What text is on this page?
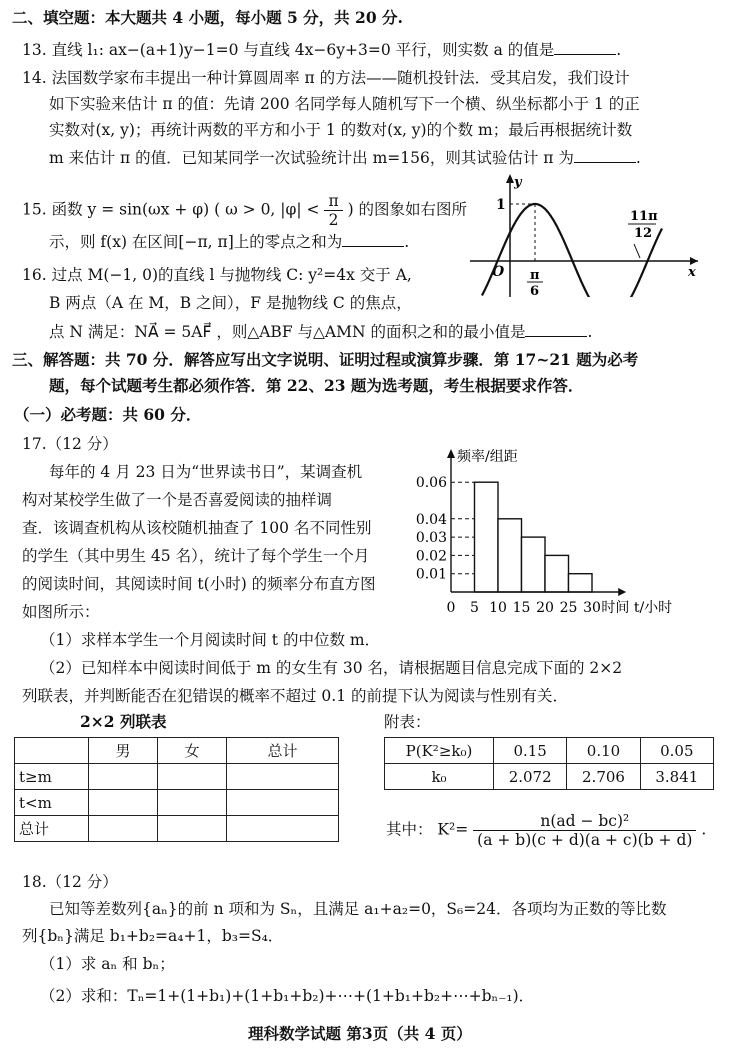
二、填空题：本大题共 4 小题，每小题 5 分，共 20 分.
13. 直线 l₁: ax−(a+1)y−1=0 与直线 4x−6y+3=0 平行，则实数 a 的值是	.
14. 法国数学家布丰提出一种计算圆周率 π 的方法——随机投针法．受其启发，我们设计
如下实验来估计 π 的值：先请 200 名同学每人随机写下一个横、纵坐标都小于 1 的正
实数对(x, y)；再统计两数的平方和小于 1 的数对(x, y)的个数 m；最后再根据统计数
m 来估计 π 的值．已知某同学一次试验统计出 m=156，则其试验估计 π 为	.
15. 函数 y = sin(ωx + φ) ( ω > 0, $|\varphi| < \frac{\pi}{2}$ ) 的图象如右图所
示，则 f(x) 在区间[−π, π]上的零点之和为	.
y
x
O
1
π
6
11π
12
16. 过点 M(−1, 0)的直线 l 与抛物线 C: y²=4x 交于 A,
B 两点（A 在 M，B 之间），F 是抛物线 C 的焦点，
点 N 满足：NA⃗ = 5AF⃗ ，则△ABF 与△AMN 的面积之和的最小值是	.
三、解答题：共 70 分．解答应写出文字说明、证明过程或演算步骤．第 17~21 题为必考
题，每个试题考生都必须作答．第 22、23 题为选考题，考生根据要求作答．
（一）必考题：共 60 分．
17.（12 分）
每年的 4 月 23 日为“世界读书日”，某调查机
构对某校学生做了一个是否喜爱阅读的抽样调
查．该调查机构从该校随机抽查了 100 名不同性别
的学生（其中男生 45 名），统计了每个学生一个月
的阅读时间，其阅读时间 t(小时) 的频率分布直方图
如图所示：
（1）求样本学生一个月阅读时间 t 的中位数 m．
（2）已知样本中阅读时间低于 m 的女生有 30 名，请根据题目信息完成下面的 2×2
列联表，并判断能否在犯错误的概率不超过 0.1 的前提下认为阅读与性别有关．
0.01
0.02
0.03
0.04
0.06
0 5 10 15 20 25 30
频率/组距
时间 t/小时
2×2 列联表
	男	女	总计
t≥m			
t<m			
总计			
附表：
P(K²≥k₀)	0.15	0.10	0.05
k₀	2.072	2.706	3.841
其中： $K^2= \frac{\text{n(ad − bc)²}}{(a + b)(c + d)(a + c)(b + d)}$ .
18.（12 分）
已知等差数列{aₙ}的前 n 项和为 Sₙ，且满足 a₁+a₂=0，S₆=24．各项均为正数的等比数
列{bₙ}满足 b₁+b₂=a₄+1，b₃=S₄．
（1）求 aₙ 和 bₙ；
（2）求和：Tₙ=1+(1+b₁)+(1+b₁+b₂)+⋯+(1+b₁+b₂+⋯+bₙ₋₁)．
理科数学试题 第3页（共 4 页）
